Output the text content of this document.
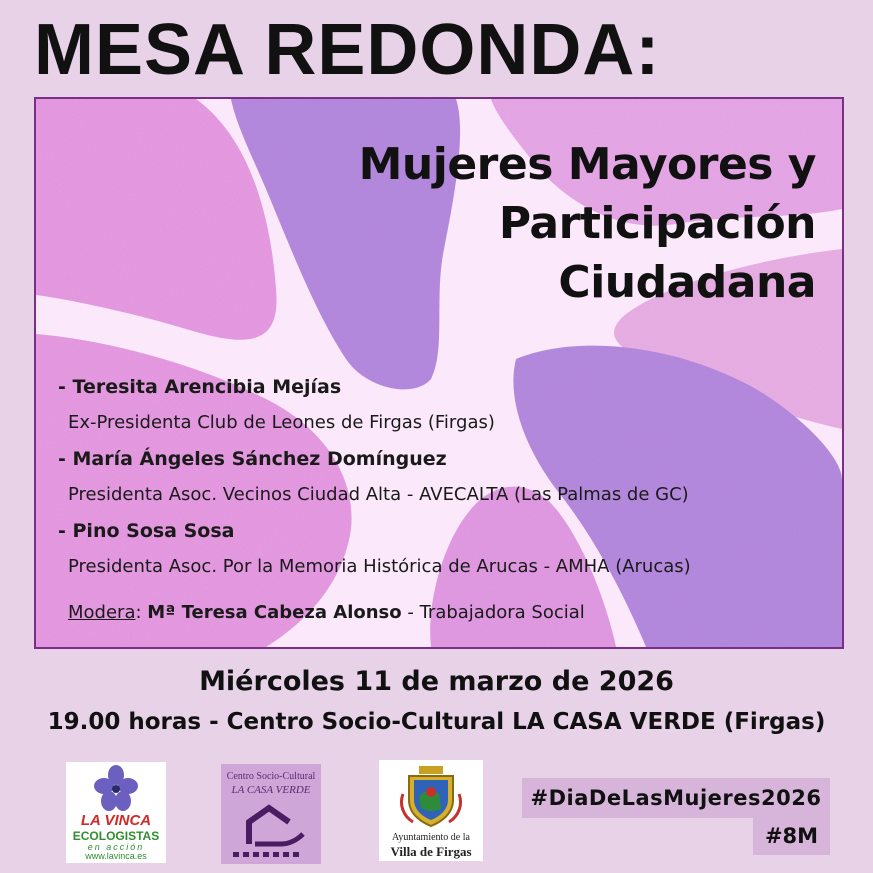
MESA REDONDA:
Mujeres Mayores y
Participación
Ciudadana
- Teresita Arencibia Mejías
Ex-Presidenta Club de Leones de Firgas (Firgas)
- María Ángeles Sánchez Domínguez
Presidenta Asoc. Vecinos Ciudad Alta - AVECALTA (Las Palmas de GC)
- Pino Sosa Sosa
Presidenta Asoc. Por la Memoria Histórica de Arucas - AMHA (Arucas)
Modera: Mª Teresa Cabeza Alonso - Trabajadora Social
Miércoles 11 de marzo de 2026
19.00 horas - Centro Socio-Cultural LA CASA VERDE (Firgas)
LA VINCA
ECOLOGISTAS
en acción
www.lavinca.es
Centro Socio-Cultural
LA CASA VERDE
Ayuntamiento de la
Villa de Firgas
#DiaDeLasMujeres2026
#8M
